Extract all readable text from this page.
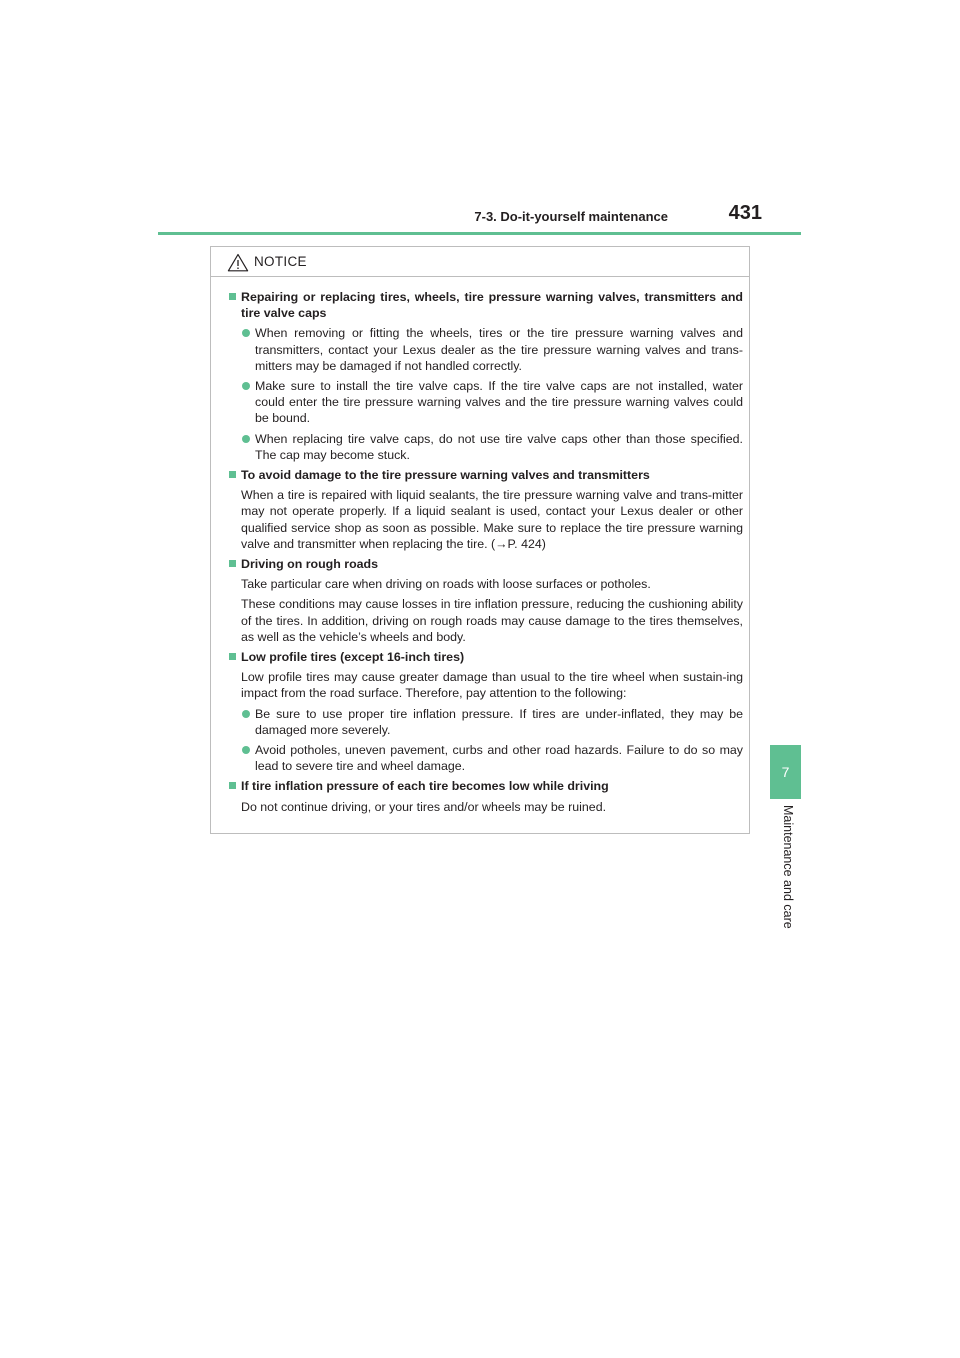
7-3. Do-it-yourself maintenance	431
7
Maintenance and care
NOTICE
Repairing or replacing tires, wheels, tire pressure warning valves, transmitters and tire valve caps
When removing or fitting the wheels, tires or the tire pressure warning valves and transmitters, contact your Lexus dealer as the tire pressure warning valves and trans-mitters may be damaged if not handled correctly.
Make sure to install the tire valve caps. If the tire valve caps are not installed, water could enter the tire pressure warning valves and the tire pressure warning valves could be bound.
When replacing tire valve caps, do not use tire valve caps other than those specified. The cap may become stuck.
To avoid damage to the tire pressure warning valves and transmitters
When a tire is repaired with liquid sealants, the tire pressure warning valve and trans-mitter may not operate properly. If a liquid sealant is used, contact your Lexus dealer or other qualified service shop as soon as possible. Make sure to replace the tire pressure warning valve and transmitter when replacing the tire. (→P. 424)
Driving on rough roads
Take particular care when driving on roads with loose surfaces or potholes.
These conditions may cause losses in tire inflation pressure, reducing the cushioning ability of the tires. In addition, driving on rough roads may cause damage to the tires themselves, as well as the vehicle’s wheels and body.
Low profile tires (except 16-inch tires)
Low profile tires may cause greater damage than usual to the tire wheel when sustain-ing impact from the road surface. Therefore, pay attention to the following:
Be sure to use proper tire inflation pressure. If tires are under-inflated, they may be damaged more severely.
Avoid potholes, uneven pavement, curbs and other road hazards. Failure to do so may lead to severe tire and wheel damage.
If tire inflation pressure of each tire becomes low while driving
Do not continue driving, or your tires and/or wheels may be ruined.
